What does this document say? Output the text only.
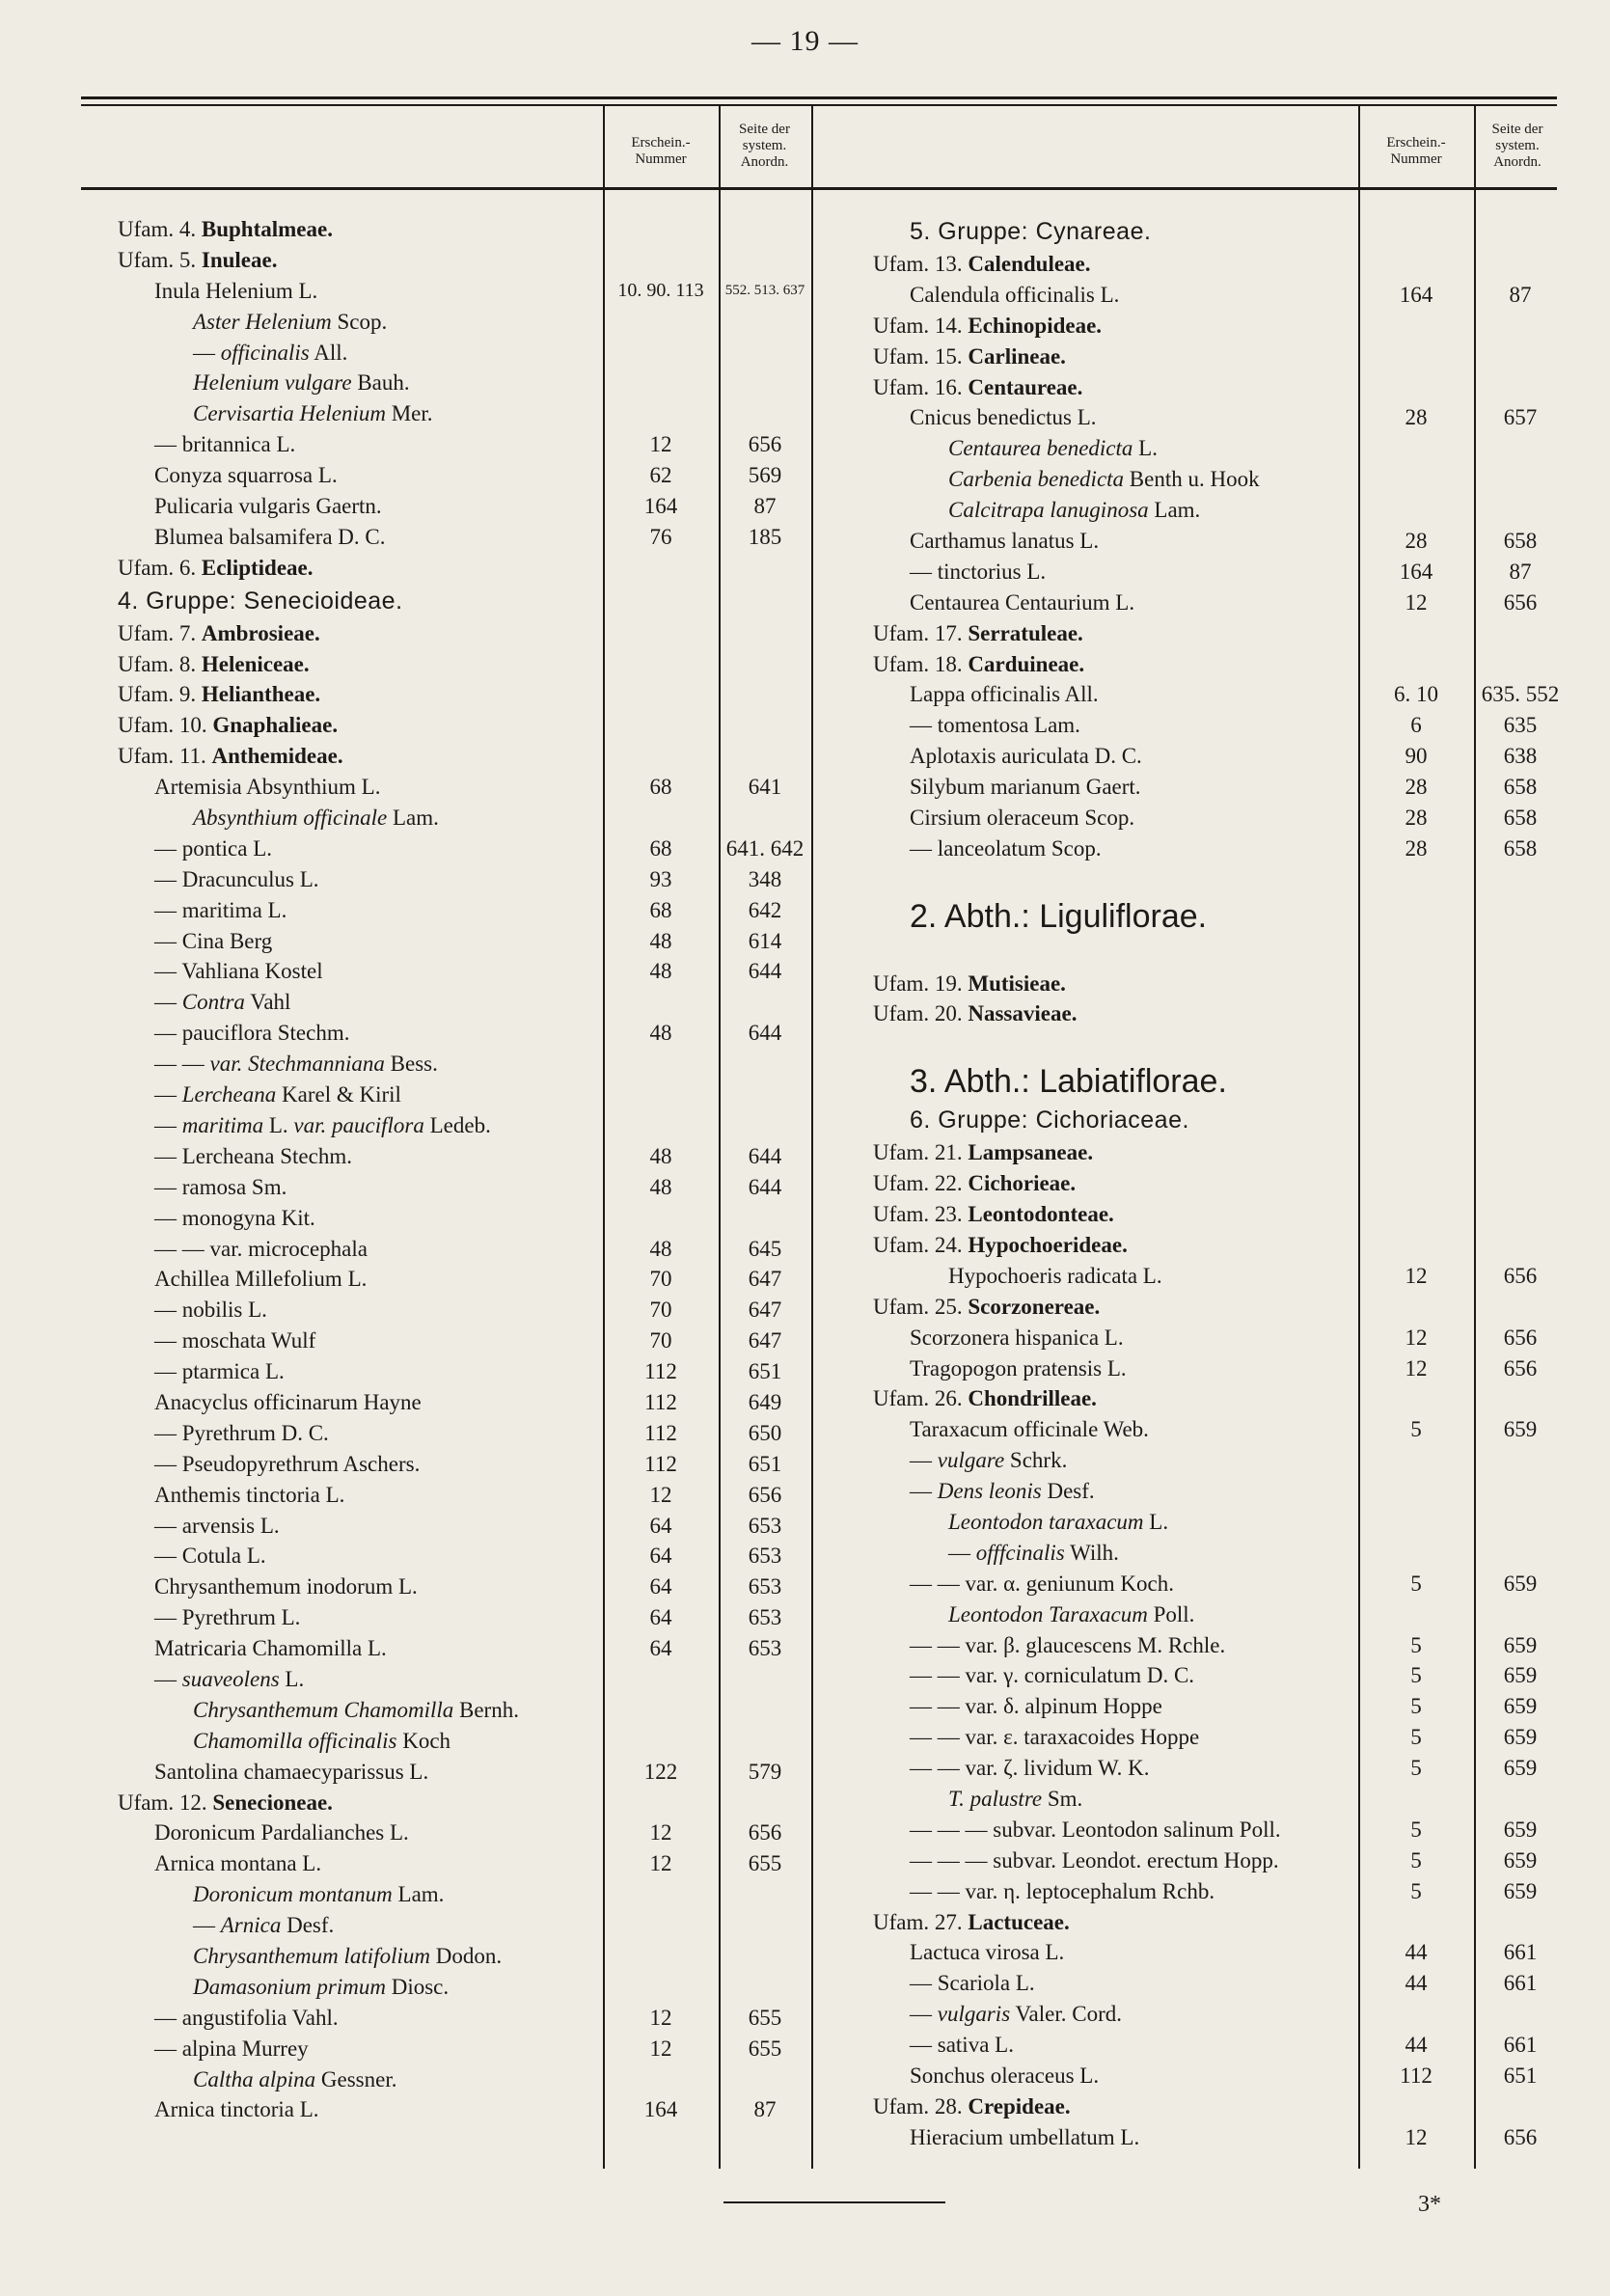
— 19 —
Erschein.-
Nummer
Seite der
system.
Anordn.
Erschein.-
Nummer
Seite der
system.
Anordn.
Ufam. 4. Buphtalmeae.
Ufam. 5. Inuleae.
Inula Helenium L.	10. 90. 113	552. 513. 637
Aster Helenium Scop.
— officinalis All.
Helenium vulgare Bauh.
Cervisartia Helenium Mer.
— britannica L.	12	656
Conyza squarrosa L.	62	569
Pulicaria vulgaris Gaertn.	164	87
Blumea balsamifera D. C.	76	185
Ufam. 6. Ecliptideae.
4. Gruppe: Senecioideae.
Ufam. 7. Ambrosieae.
Ufam. 8. Heleniceae.
Ufam. 9. Heliantheae.
Ufam. 10. Gnaphalieae.
Ufam. 11. Anthemideae.
Artemisia Absynthium L.	68	641
Absynthium officinale Lam.
— pontica L.	68	641. 642
— Dracunculus L.	93	348
— maritima L.	68	642
— Cina Berg	48	614
— Vahliana Kostel	48	644
— Contra Vahl
— pauciflora Stechm.	48	644
— — var. Stechmanniana Bess.
— Lercheana Karel & Kiril
— maritima L. var. pauciflora Ledeb.
— Lercheana Stechm.	48	644
— ramosa Sm.	48	644
— monogyna Kit.
— — var. microcephala	48	645
Achillea Millefolium L.	70	647
— nobilis L.	70	647
— moschata Wulf	70	647
— ptarmica L.	112	651
Anacyclus officinarum Hayne	112	649
— Pyrethrum D. C.	112	650
— Pseudopyrethrum Aschers.	112	651
Anthemis tinctoria L.	12	656
— arvensis L.	64	653
— Cotula L.	64	653
Chrysanthemum inodorum L.	64	653
— Pyrethrum L.	64	653
Matricaria Chamomilla L.	64	653
— suaveolens L.
Chrysanthemum Chamomilla Bernh.
Chamomilla officinalis Koch
Santolina chamaecyparissus L.	122	579
Ufam. 12. Senecioneae.
Doronicum Pardalianches L.	12	656
Arnica montana L.	12	655
Doronicum montanum Lam.
— Arnica Desf.
Chrysanthemum latifolium Dodon.
Damasonium primum Diosc.
— angustifolia Vahl.	12	655
— alpina Murrey	12	655
Caltha alpina Gessner.
Arnica tinctoria L.	164	87
5. Gruppe: Cynareae.
Ufam. 13. Calenduleae.
Calendula officinalis L.	164	87
Ufam. 14. Echinopideae.
Ufam. 15. Carlineae.
Ufam. 16. Centaureae.
Cnicus benedictus L.	28	657
Centaurea benedicta L.
Carbenia benedicta Benth u. Hook
Calcitrapa lanuginosa Lam.
Carthamus lanatus L.	28	658
— tinctorius L.	164	87
Centaurea Centaurium L.	12	656
Ufam. 17. Serratuleae.
Ufam. 18. Carduineae.
Lappa officinalis All.	6. 10	635. 552
— tomentosa Lam.	6	635
Aplotaxis auriculata D. C.	90	638
Silybum marianum Gaert.	28	658
Cirsium oleraceum Scop.	28	658
— lanceolatum Scop.	28	658
2. Abth.: Liguliflorae.
Ufam. 19. Mutisieae.
Ufam. 20. Nassavieae.
3. Abth.: Labiatiflorae.
6. Gruppe: Cichoriaceae.
Ufam. 21. Lampsaneae.
Ufam. 22. Cichorieae.
Ufam. 23. Leontodonteae.
Ufam. 24. Hypochoerideae.
Hypochoeris radicata L.	12	656
Ufam. 25. Scorzonereae.
Scorzonera hispanica L.	12	656
Tragopogon pratensis L.	12	656
Ufam. 26. Chondrilleae.
Taraxacum officinale Web.	5	659
— vulgare Schrk.
— Dens leonis Desf.
Leontodon taraxacum L.
— offfcinalis Wilh.
— — var. α. geniunum Koch.	5	659
Leontodon Taraxacum Poll.
— — var. β. glaucescens M. Rchle.	5	659
— — var. γ. corniculatum D. C.	5	659
— — var. δ. alpinum Hoppe	5	659
— — var. ε. taraxacoides Hoppe	5	659
— — var. ζ. lividum W. K.	5	659
T. palustre Sm.
— — — subvar. Leontodon salinum Poll.	5	659
— — — subvar. Leondot. erectum Hopp.	5	659
— — var. η. leptocephalum Rchb.	5	659
Ufam. 27. Lactuceae.
Lactuca virosa L.	44	661
— Scariola L.	44	661
— vulgaris Valer. Cord.
— sativa L.	44	661
Sonchus oleraceus L.	112	651
Ufam. 28. Crepideae.
Hieracium umbellatum L.	12	656
3*
